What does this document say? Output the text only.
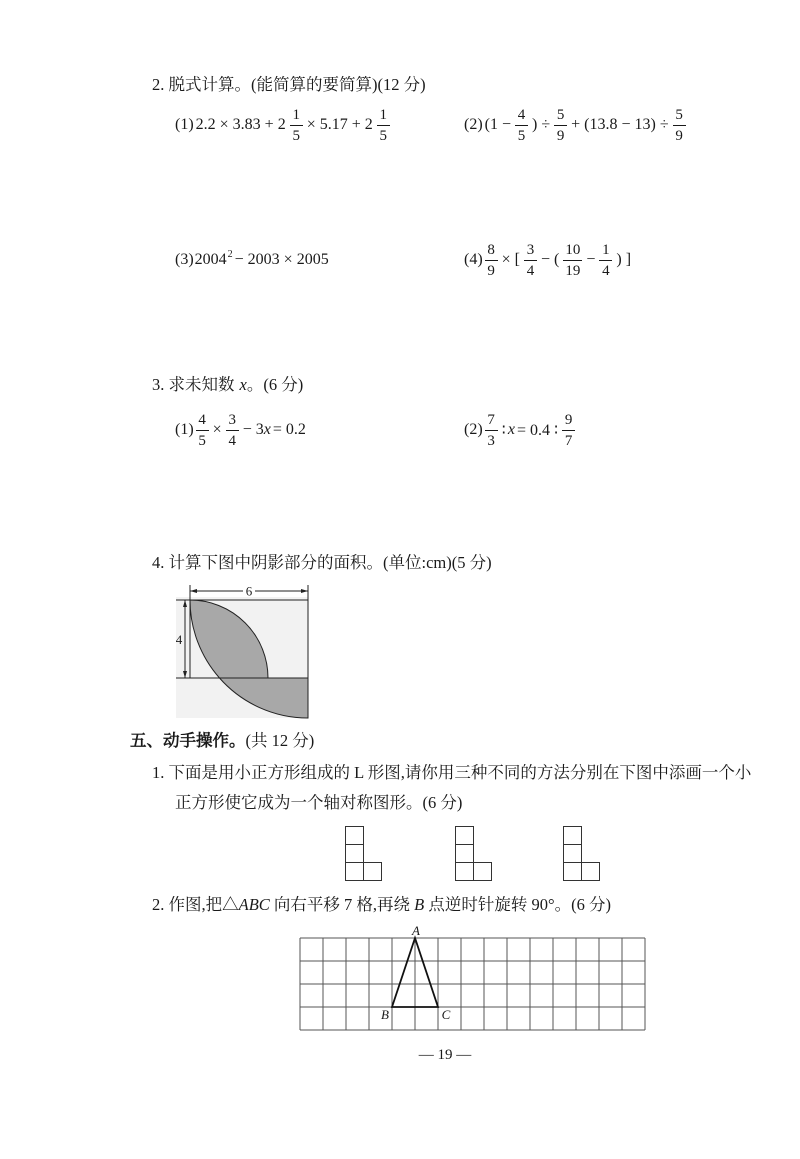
2. 脱式计算。(能简算的要简算)(12 分)
(1) $2.2 \times 3.83 + 2 \frac{1}{5} \times 5.17 + 2 \frac{1}{5}$	(2) ($1 - \frac{4}{5}$ ) ÷ $\frac{5}{9} + (13.8 - 13) \div \frac{5}{9}$
(3) $2004^2 - 2003 \times 2005$	$(4) \frac{8}{9}$ × [ $\frac{3}{4}$ − ( $\frac{10}{19} - \frac{1}{4}$ ) ]
3. 求未知数 x。(6 分)
$(1) \frac{4}{5} \times \frac{3}{4} - 3$ x = 0.2	$(2) \frac{7}{3}$ ∶ x = 0.4 ∶ $\frac{9}{7}$
4. 计算下图中阴影部分的面积。(单位:cm)(5 分)
6
4
五、动手操作。(共 12 分)
1. 下面是用小正方形组成的 L 形图,请你用三种不同的方法分别在下图中添画一个小
正方形使它成为一个轴对称图形。(6 分)
2. 作图,把△ABC 向右平移 7 格,再绕 B 点逆时针旋转 90°。(6 分)
A
B	C
— 19 —
